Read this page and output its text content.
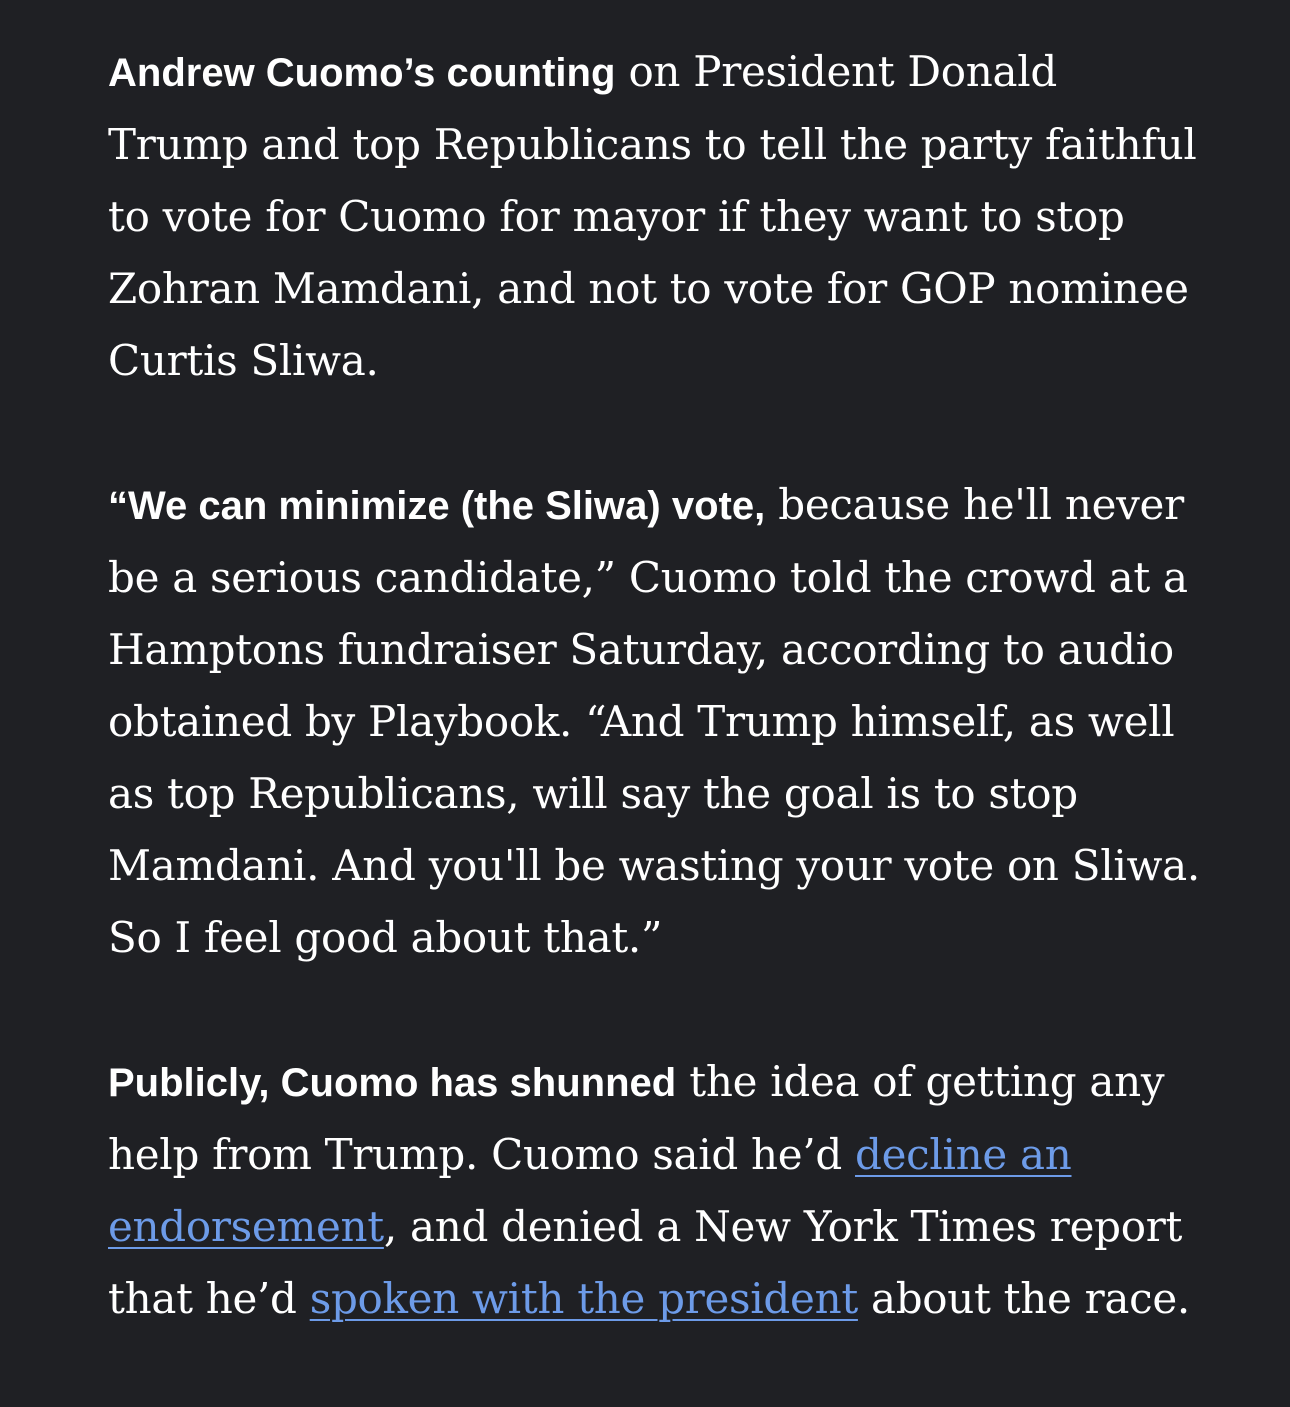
Andrew Cuomo’s counting on President Donald Trump and top Republicans to tell the party faithful to vote for Cuomo for mayor if they want to stop Zohran Mamdani, and not to vote for GOP nominee Curtis Sliwa.

“We can minimize (the Sliwa) vote, because he'll never be a serious candidate,” Cuomo told the crowd at a Hamptons fundraiser Saturday, according to audio obtained by Playbook. “And Trump himself, as well as top Republicans, will say the goal is to stop Mamdani. And you'll be wasting your vote on Sliwa. So I feel good about that.”

Publicly, Cuomo has shunned the idea of getting any help from Trump. Cuomo said he’d decline an endorsement, and denied a New York Times report that he’d spoken with the president about the race.
